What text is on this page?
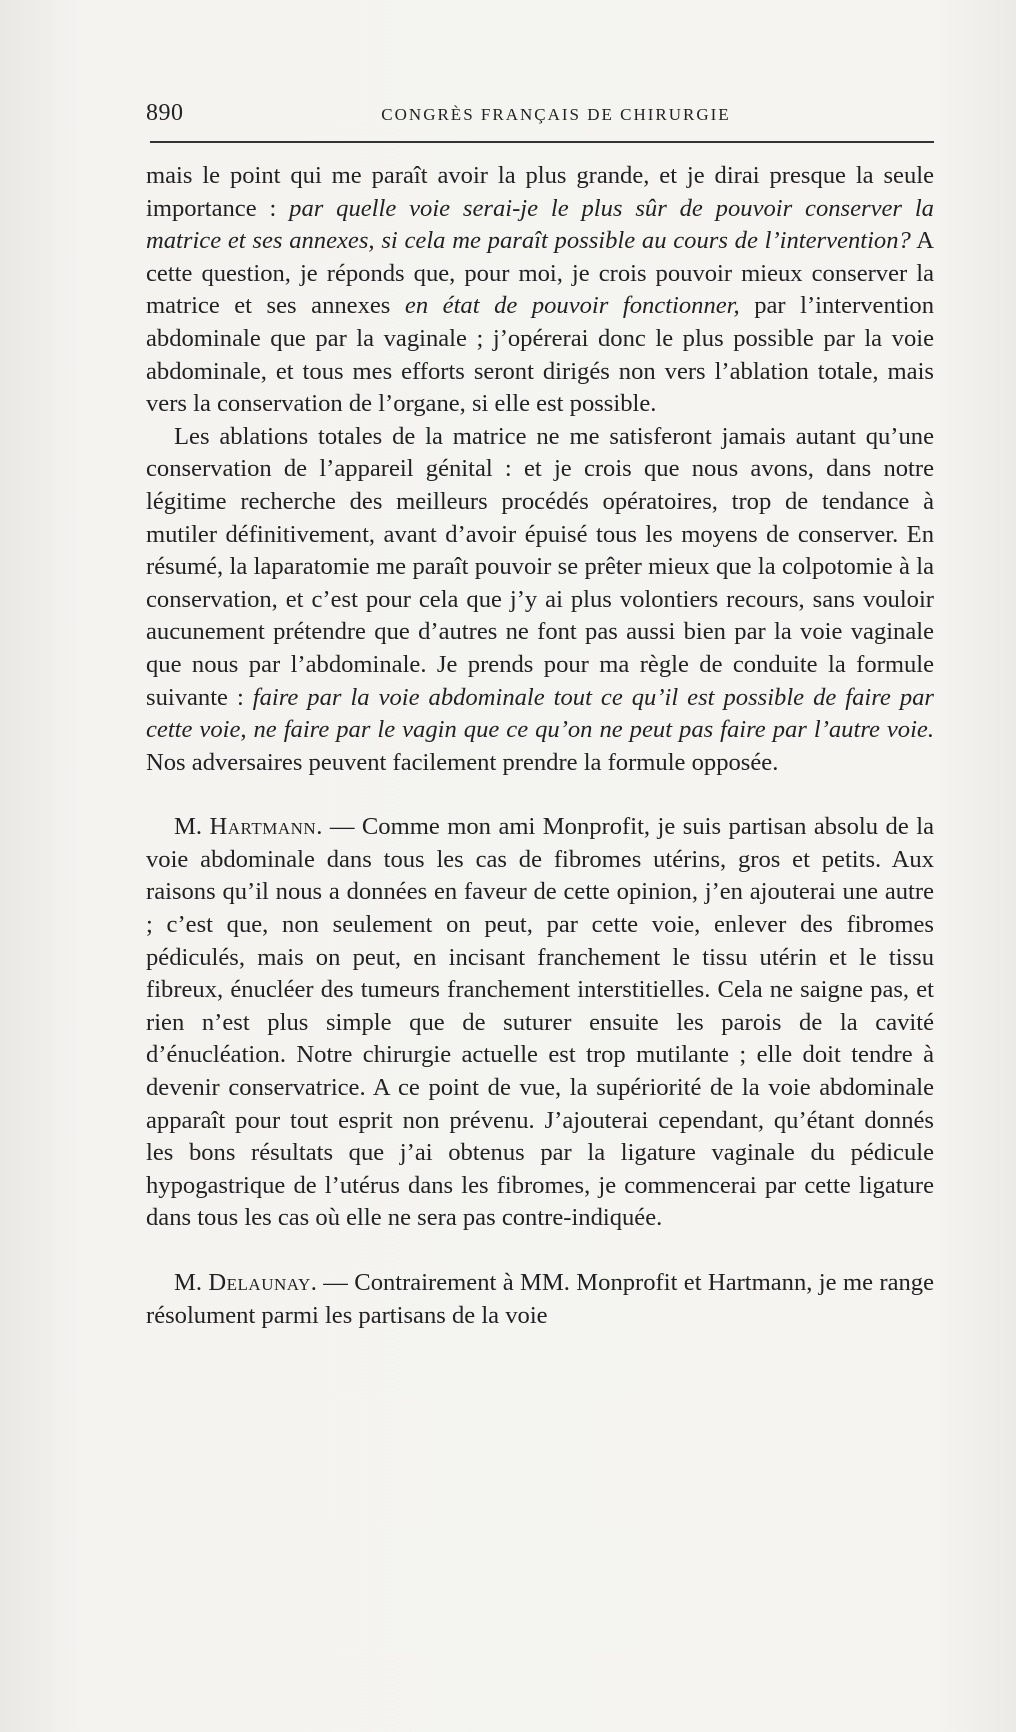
890	CONGRÈS FRANÇAIS DE CHIRURGIE

mais le point qui me paraît avoir la plus grande, et je dirai presque la seule importance : par quelle voie serai-je le plus sûr de pouvoir conserver la matrice et ses annexes, si cela me paraît possible au cours de l’intervention? A cette question, je réponds que, pour moi, je crois pouvoir mieux conserver la matrice et ses annexes en état de pouvoir fonctionner, par l’intervention abdominale que par la vaginale ; j’opérerai donc le plus possible par la voie abdominale, et tous mes efforts seront dirigés non vers l’ablation totale, mais vers la conservation de l’organe, si elle est possible.

Les ablations totales de la matrice ne me satisferont jamais autant qu’une conservation de l’appareil génital : et je crois que nous avons, dans notre légitime recherche des meilleurs procédés opératoires, trop de tendance à mutiler définitivement, avant d’avoir épuisé tous les moyens de conserver. En résumé, la laparatomie me paraît pouvoir se prêter mieux que la colpotomie à la conservation, et c’est pour cela que j’y ai plus volontiers recours, sans vouloir aucunement prétendre que d’autres ne font pas aussi bien par la voie vaginale que nous par l’abdominale. Je prends pour ma règle de conduite la formule suivante : faire par la voie abdominale tout ce qu’il est possible de faire par cette voie, ne faire par le vagin que ce qu’on ne peut pas faire par l’autre voie. Nos adversaires peuvent facilement prendre la formule opposée.

M. Hartmann. — Comme mon ami Monprofit, je suis partisan absolu de la voie abdominale dans tous les cas de fibromes utérins, gros et petits. Aux raisons qu’il nous a données en faveur de cette opinion, j’en ajouterai une autre ; c’est que, non seulement on peut, par cette voie, enlever des fibromes pédiculés, mais on peut, en incisant franchement le tissu utérin et le tissu fibreux, énucléer des tumeurs franchement interstitielles. Cela ne saigne pas, et rien n’est plus simple que de suturer ensuite les parois de la cavité d’énucléation. Notre chirurgie actuelle est trop mutilante ; elle doit tendre à devenir conservatrice. A ce point de vue, la supériorité de la voie abdominale apparaît pour tout esprit non prévenu. J’ajouterai cependant, qu’étant donnés les bons résultats que j’ai obtenus par la ligature vaginale du pédicule hypogastrique de l’utérus dans les fibromes, je commencerai par cette ligature dans tous les cas où elle ne sera pas contre-indiquée.

M. Delaunay. — Contrairement à MM. Monprofit et Hartmann, je me range résolument parmi les partisans de la voie
